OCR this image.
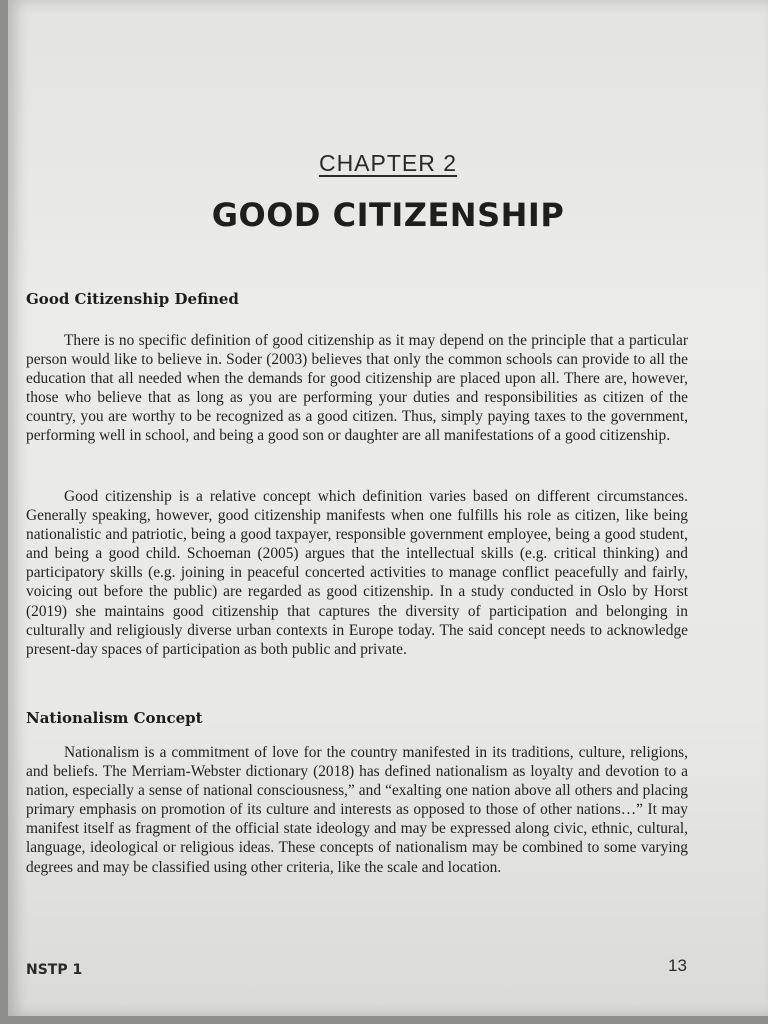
CHAPTER 2
GOOD CITIZENSHIP
Good Citizenship Defined

There is no specific definition of good citizenship as it may depend on the principle that a particular person would like to believe in. Soder (2003) believes that only the common schools can provide to all the education that all needed when the demands for good citizenship are placed upon all. There are, however, those who believe that as long as you are performing your duties and responsibilities as citizen of the country, you are worthy to be recognized as a good citizen. Thus, simply paying taxes to the government, performing well in school, and being a good son or daughter are all manifestations of a good citizenship.

Good citizenship is a relative concept which definition varies based on different circumstances. Generally speaking, however, good citizenship manifests when one fulfills his role as citizen, like being nationalistic and patriotic, being a good taxpayer, responsible government employee, being a good student, and being a good child. Schoeman (2005) argues that the intellectual skills (e.g. critical thinking) and participatory skills (e.g. joining in peaceful concerted activities to manage conflict peacefully and fairly, voicing out before the public) are regarded as good citizenship. In a study conducted in Oslo by Horst (2019) she maintains good citizenship that captures the diversity of participation and belonging in culturally and religiously diverse urban contexts in Europe today. The said concept needs to acknowledge present-day spaces of participation as both public and private.

Nationalism Concept

Nationalism is a commitment of love for the country manifested in its traditions, culture, religions, and beliefs. The Merriam-Webster dictionary (2018) has defined nationalism as loyalty and devotion to a nation, especially a sense of national consciousness,” and “exalting one nation above all others and placing primary emphasis on promotion of its culture and interests as opposed to those of other nations…” It may manifest itself as fragment of the official state ideology and may be expressed along civic, ethnic, cultural, language, ideological or religious ideas. These concepts of nationalism may be combined to some varying degrees and may be classified using other criteria, like the scale and location.

NSTP 1	13
